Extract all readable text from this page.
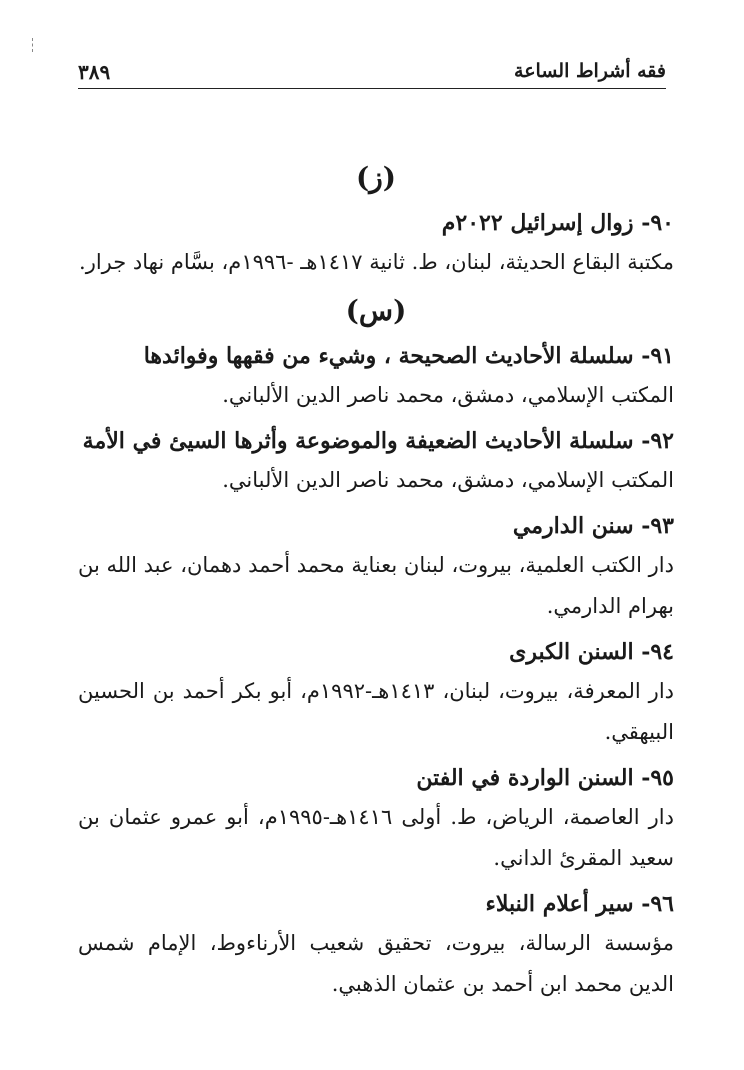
فقه أشراط الساعة
٣٨٩
(ز)
٩٠- زوال إسرائيل ٢٠٢٢م
مكتبة البقاع الحديثة، لبنان، ط. ثانية ١٤١٧هـ -١٩٩٦م، بسَّام نهاد جرار.
(س)
٩١- سلسلة الأحاديث الصحيحة ، وشيء من فقهها وفوائدها
المكتب الإسلامي، دمشق، محمد ناصر الدين الألباني.
٩٢- سلسلة الأحاديث الضعيفة والموضوعة وأثرها السيئ في الأمة
المكتب الإسلامي، دمشق، محمد ناصر الدين الألباني.
٩٣- سنن الدارمي
دار الكتب العلمية، بيروت، لبنان بعناية محمد أحمد دهمان، عبد الله بن بهرام الدارمي.
٩٤- السنن الكبرى
دار المعرفة، بيروت، لبنان، ١٤١٣هـ-١٩٩٢م، أبو بكر أحمد بن الحسين البيهقي.
٩٥- السنن الواردة في الفتن
دار العاصمة، الرياض، ط. أولى ١٤١٦هـ-١٩٩٥م، أبو عمرو عثمان بن سعيد المقرئ الداني.
٩٦- سير أعلام النبلاء
مؤسسة الرسالة، بيروت، تحقيق شعيب الأرناءوط، الإمام شمس الدين محمد ابن أحمد بن عثمان الذهبي.
